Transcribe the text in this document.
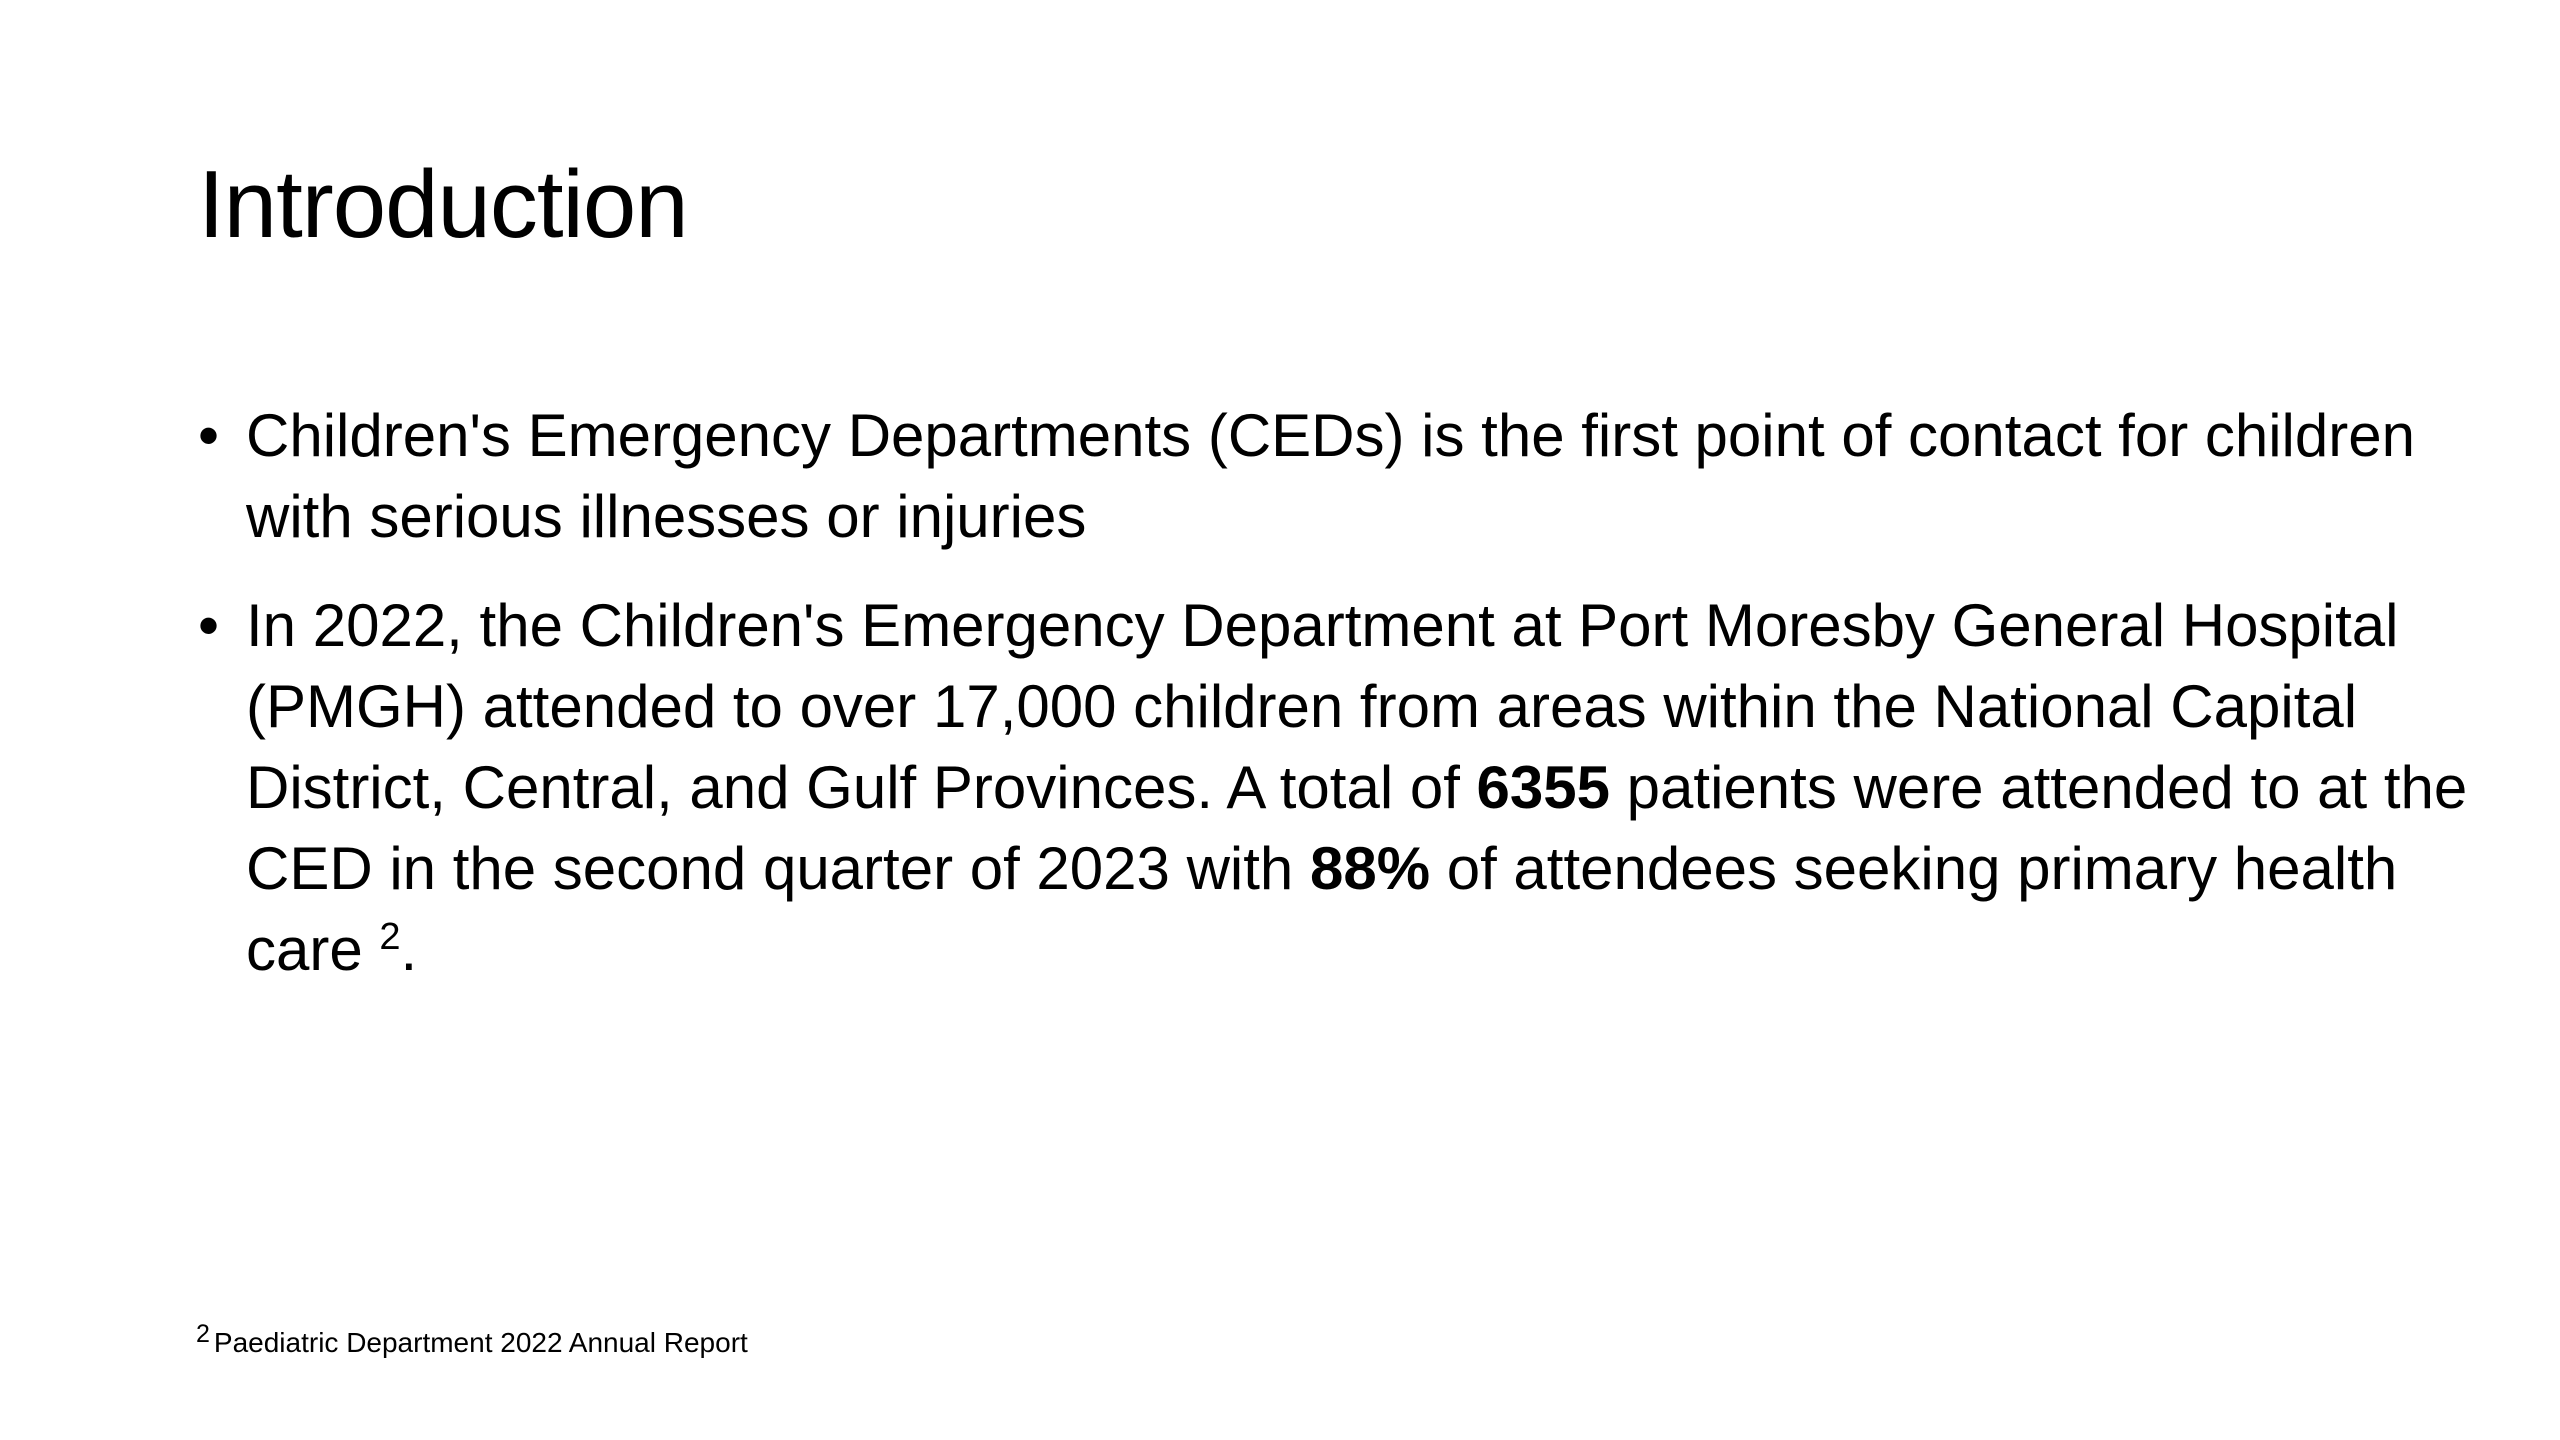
Introduction
• Children's Emergency Departments (CEDs) is the first point of contact for children with serious illnesses or injuries
• In 2022, the Children's Emergency Department at Port Moresby General Hospital (PMGH) attended to over 17,000 children from areas within the National Capital District, Central, and Gulf Provinces. A total of 6355 patients were attended to at the CED in the second quarter of 2023 with 88% of attendees seeking primary health care $^2$.
2 Paediatric Department 2022 Annual Report
